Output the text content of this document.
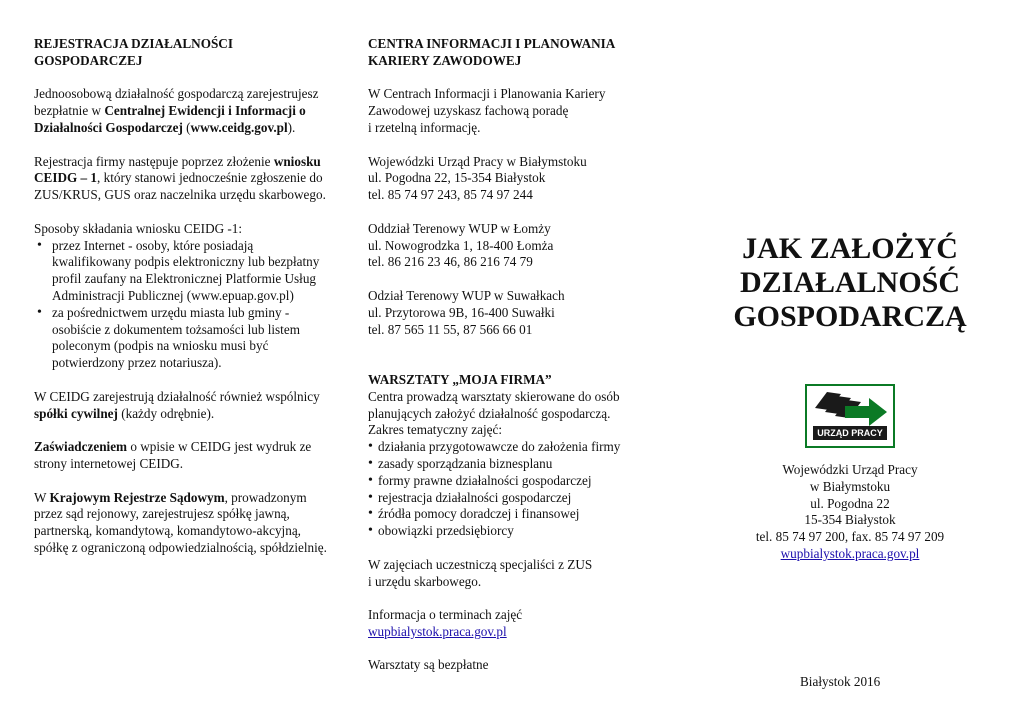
REJESTRACJA DZIAŁALNOŚCI
GOSPODARCZEJ

Jednoosobową działalność gospodarczą zarejestrujesz bezpłatnie w Centralnej Ewidencji i Informacji o Działalności Gospodarczej (www.ceidg.gov.pl).

Rejestracja firmy następuje poprzez złożenie wniosku CEIDG – 1, który stanowi jednocześnie zgłoszenie do ZUS/KRUS, GUS oraz naczelnika urzędu skarbowego.

Sposoby składania wniosku CEIDG -1:
• przez Internet - osoby, które posiadają kwalifikowany podpis elektroniczny lub bezpłatny profil zaufany na Elektronicznej Platformie Usług Administracji Publicznej (www.epuap.gov.pl)
• za pośrednictwem urzędu miasta lub gminy - osobiście z dokumentem tożsamości lub listem poleconym (podpis na wniosku musi być potwierdzony przez notariusza).

W CEIDG zarejestrują działalność również wspólnicy spółki cywilnej (każdy odrębnie).

Zaświadczeniem o wpisie w CEIDG jest wydruk ze strony internetowej CEIDG.

W Krajowym Rejestrze Sądowym, prowadzonym przez sąd rejonowy, zarejestrujesz spółkę jawną, partnerską, komandytową, komandytowo-akcyjną, spółkę z ograniczoną odpowiedzialnością, spółdzielnię.

CENTRA INFORMACJI I PLANOWANIA
KARIERY ZAWODOWEJ

W Centrach Informacji i Planowania Kariery
Zawodowej uzyskasz fachową poradę
i rzetelną informację.

Wojewódzki Urząd Pracy w Białymstoku
ul. Pogodna 22, 15-354 Białystok
tel. 85 74 97 243, 85 74 97 244

Oddział Terenowy WUP w Łomży
ul. Nowogrodzka 1, 18-400 Łomża
tel. 86 216 23 46, 86 216 74 79

Odział Terenowy WUP w Suwałkach
ul. Przytorowa 9B, 16-400 Suwałki
tel. 87 565 11 55, 87 566 66 01

WARSZTATY „MOJA FIRMA”
Centra prowadzą warsztaty skierowane do osób
planujących założyć działalność gospodarczą.
Zakres tematyczny zajęć:
• działania przygotowawcze do założenia firmy
• zasady sporządzania biznesplanu
• formy prawne działalności gospodarczej
• rejestracja działalności gospodarczej
• źródła pomocy doradczej i finansowej
• obowiązki przedsiębiorcy

W zajęciach uczestniczą specjaliści z ZUS
i urzędu skarbowego.

Informacja o terminach zajęć
wupbialystok.praca.gov.pl

Warsztaty są bezpłatne

JAK ZAŁOŻYĆ
DZIAŁALNOŚĆ
GOSPODARCZĄ
URZĄD PRACY
Wojewódzki Urząd Pracy
w Białymstoku
ul. Pogodna 22
15-354 Białystok
tel. 85 74 97 200, fax. 85 74 97 209
wupbialystok.praca.gov.pl
Białystok 2016
